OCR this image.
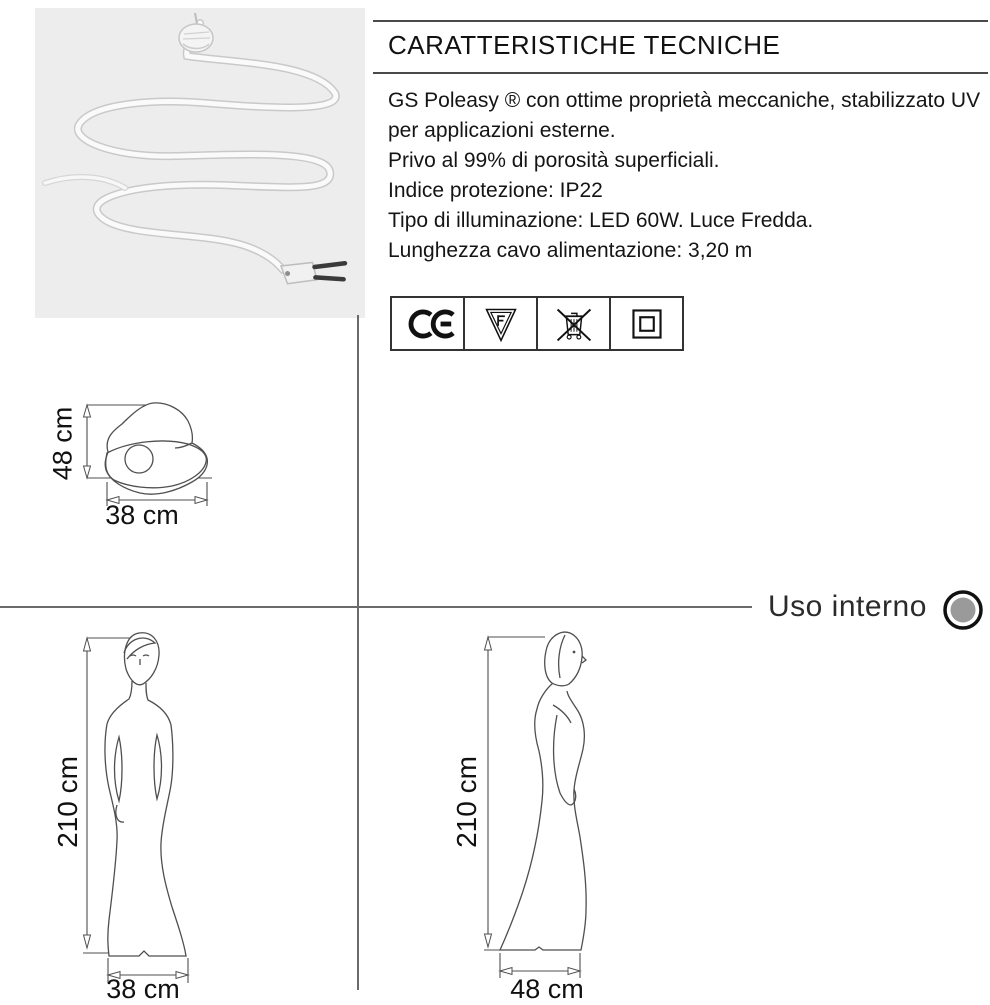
CARATTERISTICHE TECNICHE

GS Poleasy ® con ottime proprietà meccaniche, stabilizzato UV per applicazioni esterne.

Privo al 99% di porosità superficiali.

Indice protezione: IP22

Tipo di illuminazione: LED 60W. Luce Fredda.

Lunghezza cavo alimentazione: 3,20 m

48 cm
38 cm
Uso interno
210 cm
38 cm
210 cm
48 cm
